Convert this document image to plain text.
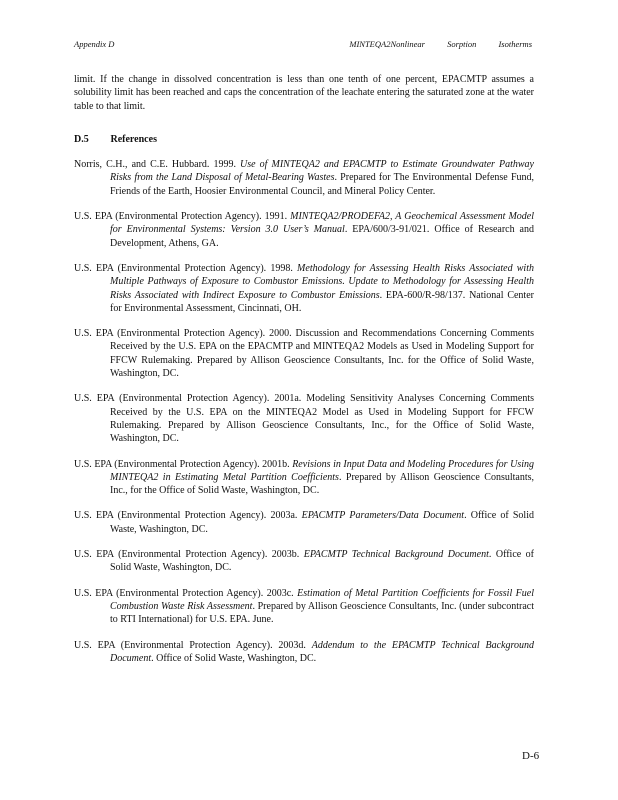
Appendix D	MINTEQA2Nonlinear	Sorption	Isotherms

limit. If the change in dissolved concentration is less than one tenth of one percent, EPACMTP assumes a solubility limit has been reached and caps the concentration of the leachate entering the saturated zone at the water table to that limit.

D.5 References

Norris, C.H., and C.E. Hubbard. 1999. Use of MINTEQA2 and EPACMTP to Estimate Groundwater Pathway Risks from the Land Disposal of Metal-Bearing Wastes. Prepared for The Environmental Defense Fund, Friends of the Earth, Hoosier Environmental Council, and Mineral Policy Center.

U.S. EPA (Environmental Protection Agency). 1991. MINTEQA2/PRODEFA2, A Geochemical Assessment Model for Environmental Systems: Version 3.0 User’s Manual. EPA/600/3-91/021. Office of Research and Development, Athens, GA.

U.S. EPA (Environmental Protection Agency). 1998. Methodology for Assessing Health Risks Associated with Multiple Pathways of Exposure to Combustor Emissions. Update to Methodology for Assessing Health Risks Associated with Indirect Exposure to Combustor Emissions. EPA-600/R-98/137. National Center for Environmental Assessment, Cincinnati, OH.

U.S. EPA (Environmental Protection Agency). 2000. Discussion and Recommendations Concerning Comments Received by the U.S. EPA on the EPACMTP and MINTEQA2 Models as Used in Modeling Support for FFCW Rulemaking. Prepared by Allison Geoscience Consultants, Inc. for the Office of Solid Waste, Washington, DC.

U.S. EPA (Environmental Protection Agency). 2001a. Modeling Sensitivity Analyses Concerning Comments Received by the U.S. EPA on the MINTEQA2 Model as Used in Modeling Support for FFCW Rulemaking. Prepared by Allison Geoscience Consultants, Inc., for the Office of Solid Waste, Washington, DC.

U.S. EPA (Environmental Protection Agency). 2001b. Revisions in Input Data and Modeling Procedures for Using MINTEQA2 in Estimating Metal Partition Coefficients. Prepared by Allison Geoscience Consultants, Inc., for the Office of Solid Waste, Washington, DC.

U.S. EPA (Environmental Protection Agency). 2003a. EPACMTP Parameters/Data Document. Office of Solid Waste, Washington, DC.

U.S. EPA (Environmental Protection Agency). 2003b. EPACMTP Technical Background Document. Office of Solid Waste, Washington, DC.

U.S. EPA (Environmental Protection Agency). 2003c. Estimation of Metal Partition Coefficients for Fossil Fuel Combustion Waste Risk Assessment. Prepared by Allison Geoscience Consultants, Inc. (under subcontract to RTI International) for U.S. EPA. June.

U.S. EPA (Environmental Protection Agency). 2003d. Addendum to the EPACMTP Technical Background Document. Office of Solid Waste, Washington, DC.

D-6
